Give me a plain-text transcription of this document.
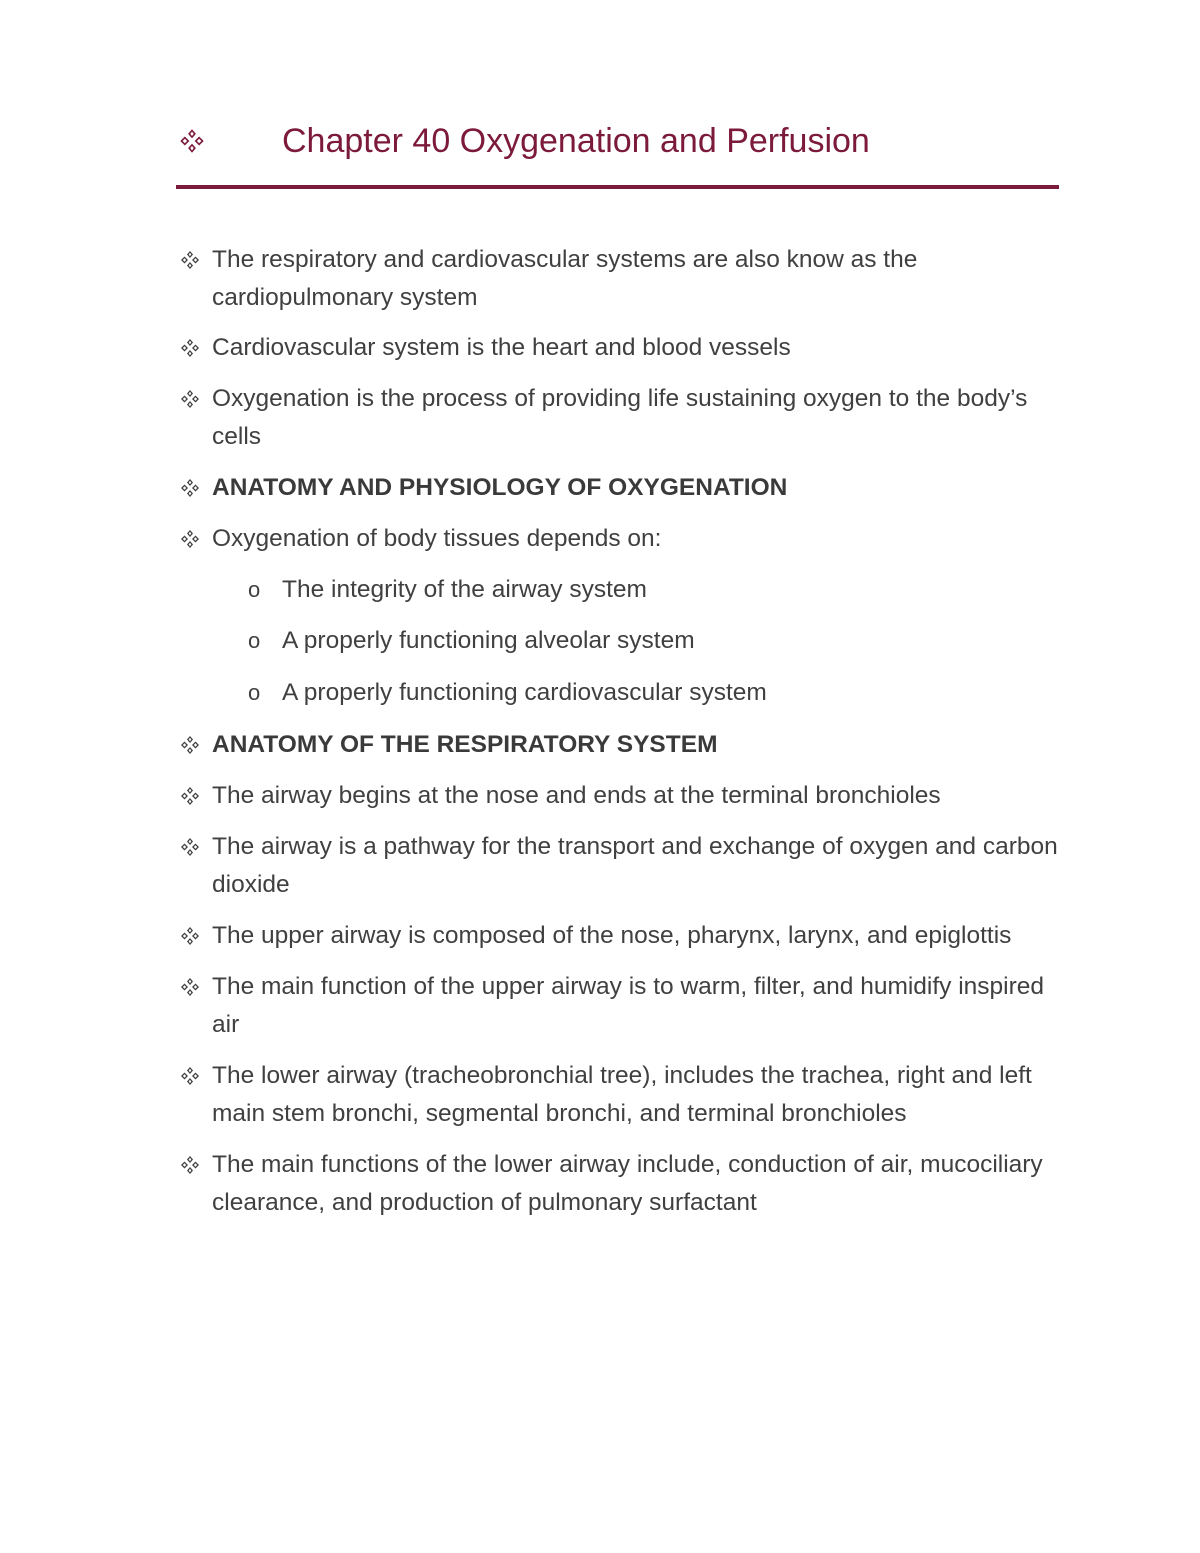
Chapter 40 Oxygenation and Perfusion
The respiratory and cardiovascular systems are also know as the cardiopulmonary system
Cardiovascular system is the heart and blood vessels
Oxygenation is the process of providing life sustaining oxygen to the body’s cells
ANATOMY AND PHYSIOLOGY OF OXYGENATION
Oxygenation of body tissues depends on:
o The integrity of the airway system
o A properly functioning alveolar system
o A properly functioning cardiovascular system
ANATOMY OF THE RESPIRATORY SYSTEM
The airway begins at the nose and ends at the terminal bronchioles
The airway is a pathway for the transport and exchange of oxygen and carbon dioxide
The upper airway is composed of the nose, pharynx, larynx, and epiglottis
The main function of the upper airway is to warm, filter, and humidify inspired air
The lower airway (tracheobronchial tree), includes the trachea, right and left main stem bronchi, segmental bronchi, and terminal bronchioles
The main functions of the lower airway include, conduction of air, mucociliary clearance, and production of pulmonary surfactant
